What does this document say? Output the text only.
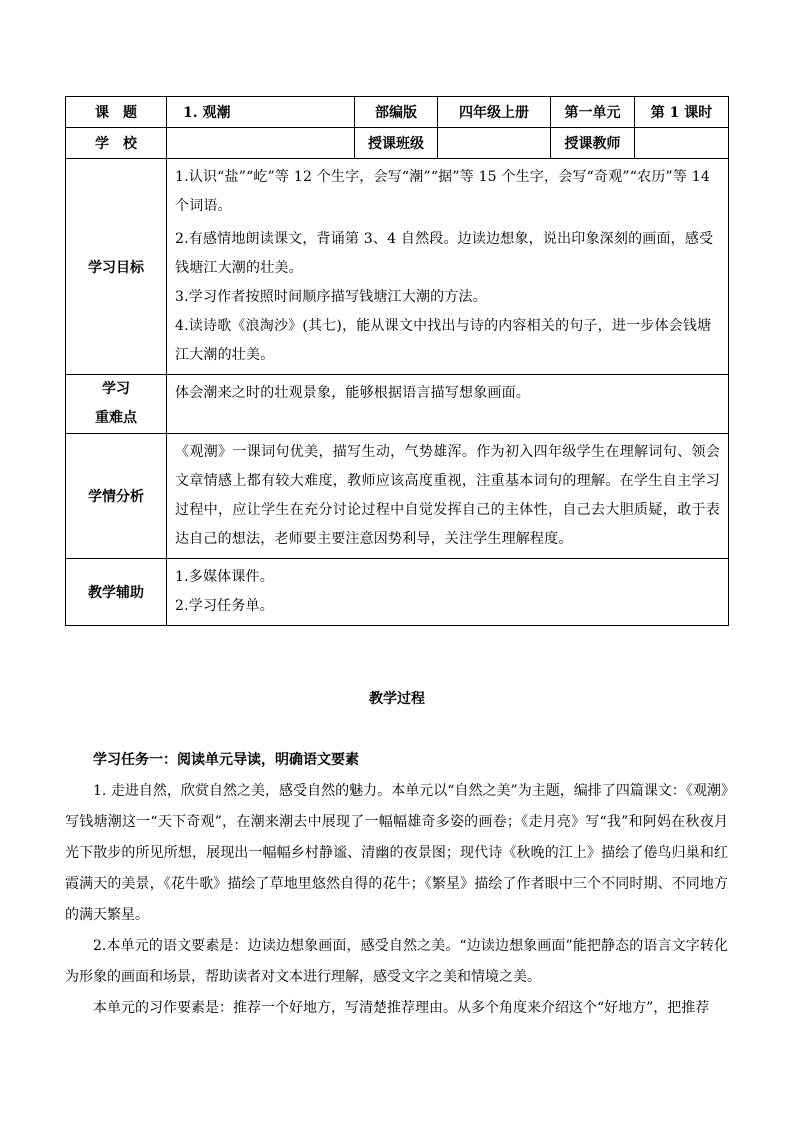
课　题	1. 观潮	部编版	四年级上册	第一单元	第 1 课时
学　校		授课班级		授课教师	
学习目标	1.认识“盐”“屹”等 12 个生字，会写“潮”“据”等 15 个生字，会写“奇观”“农历”等 14 个词语。

2.有感情地朗读课文，背诵第 3、4 自然段。边读边想象，说出印象深刻的画面，感受钱塘江大潮的壮美。

3.学习作者按照时间顺序描写钱塘江大潮的方法。

4.读诗歌《浪淘沙》(其七)，能从课文中找出与诗的内容相关的句子，进一步体会钱塘江大潮的壮美。				

学习
重难点	体会潮来之时的壮观景象，能够根据语言描写想象画面。				

学情分析	《观潮》一课词句优美，描写生动，气势雄浑。作为初入四年级学生在理解词句、领会文章情感上都有较大难度，教师应该高度重视，注重基本词句的理解。在学生自主学习过程中，应让学生在充分讨论过程中自觉发挥自己的主体性，自己去大胆质疑，敢于表达自己的想法，老师要主要注意因势利导，关注学生理解程度。				

教学辅助	1.多媒体课件。

2.学习任务单。				

教学过程

学习任务一：阅读单元导读，明确语文要素

1. 走进自然，欣赏自然之美，感受自然的魅力。本单元以“自然之美”为主题，编排了四篇课文：《观潮》写钱塘潮这一“天下奇观”，在潮来潮去中展现了一幅幅雄奇多姿的画卷；《走月亮》写“我”和阿妈在秋夜月光下散步的所见所想，展现出一幅幅乡村静谧、清幽的夜景图；现代诗《秋晚的江上》描绘了倦鸟归巢和红霞满天的美景，《花牛歌》描绘了草地里悠然自得的花牛；《繁星》描绘了作者眼中三个不同时期、不同地方的满天繁星。

2.本单元的语文要素是：边读边想象画面，感受自然之美。“边读边想象画面”能把静态的语言文字转化为形象的画面和场景，帮助读者对文本进行理解，感受文字之美和情境之美。

本单元的习作要素是：推荐一个好地方，写清楚推荐理由。从多个角度来介绍这个“好地方”，把推荐
